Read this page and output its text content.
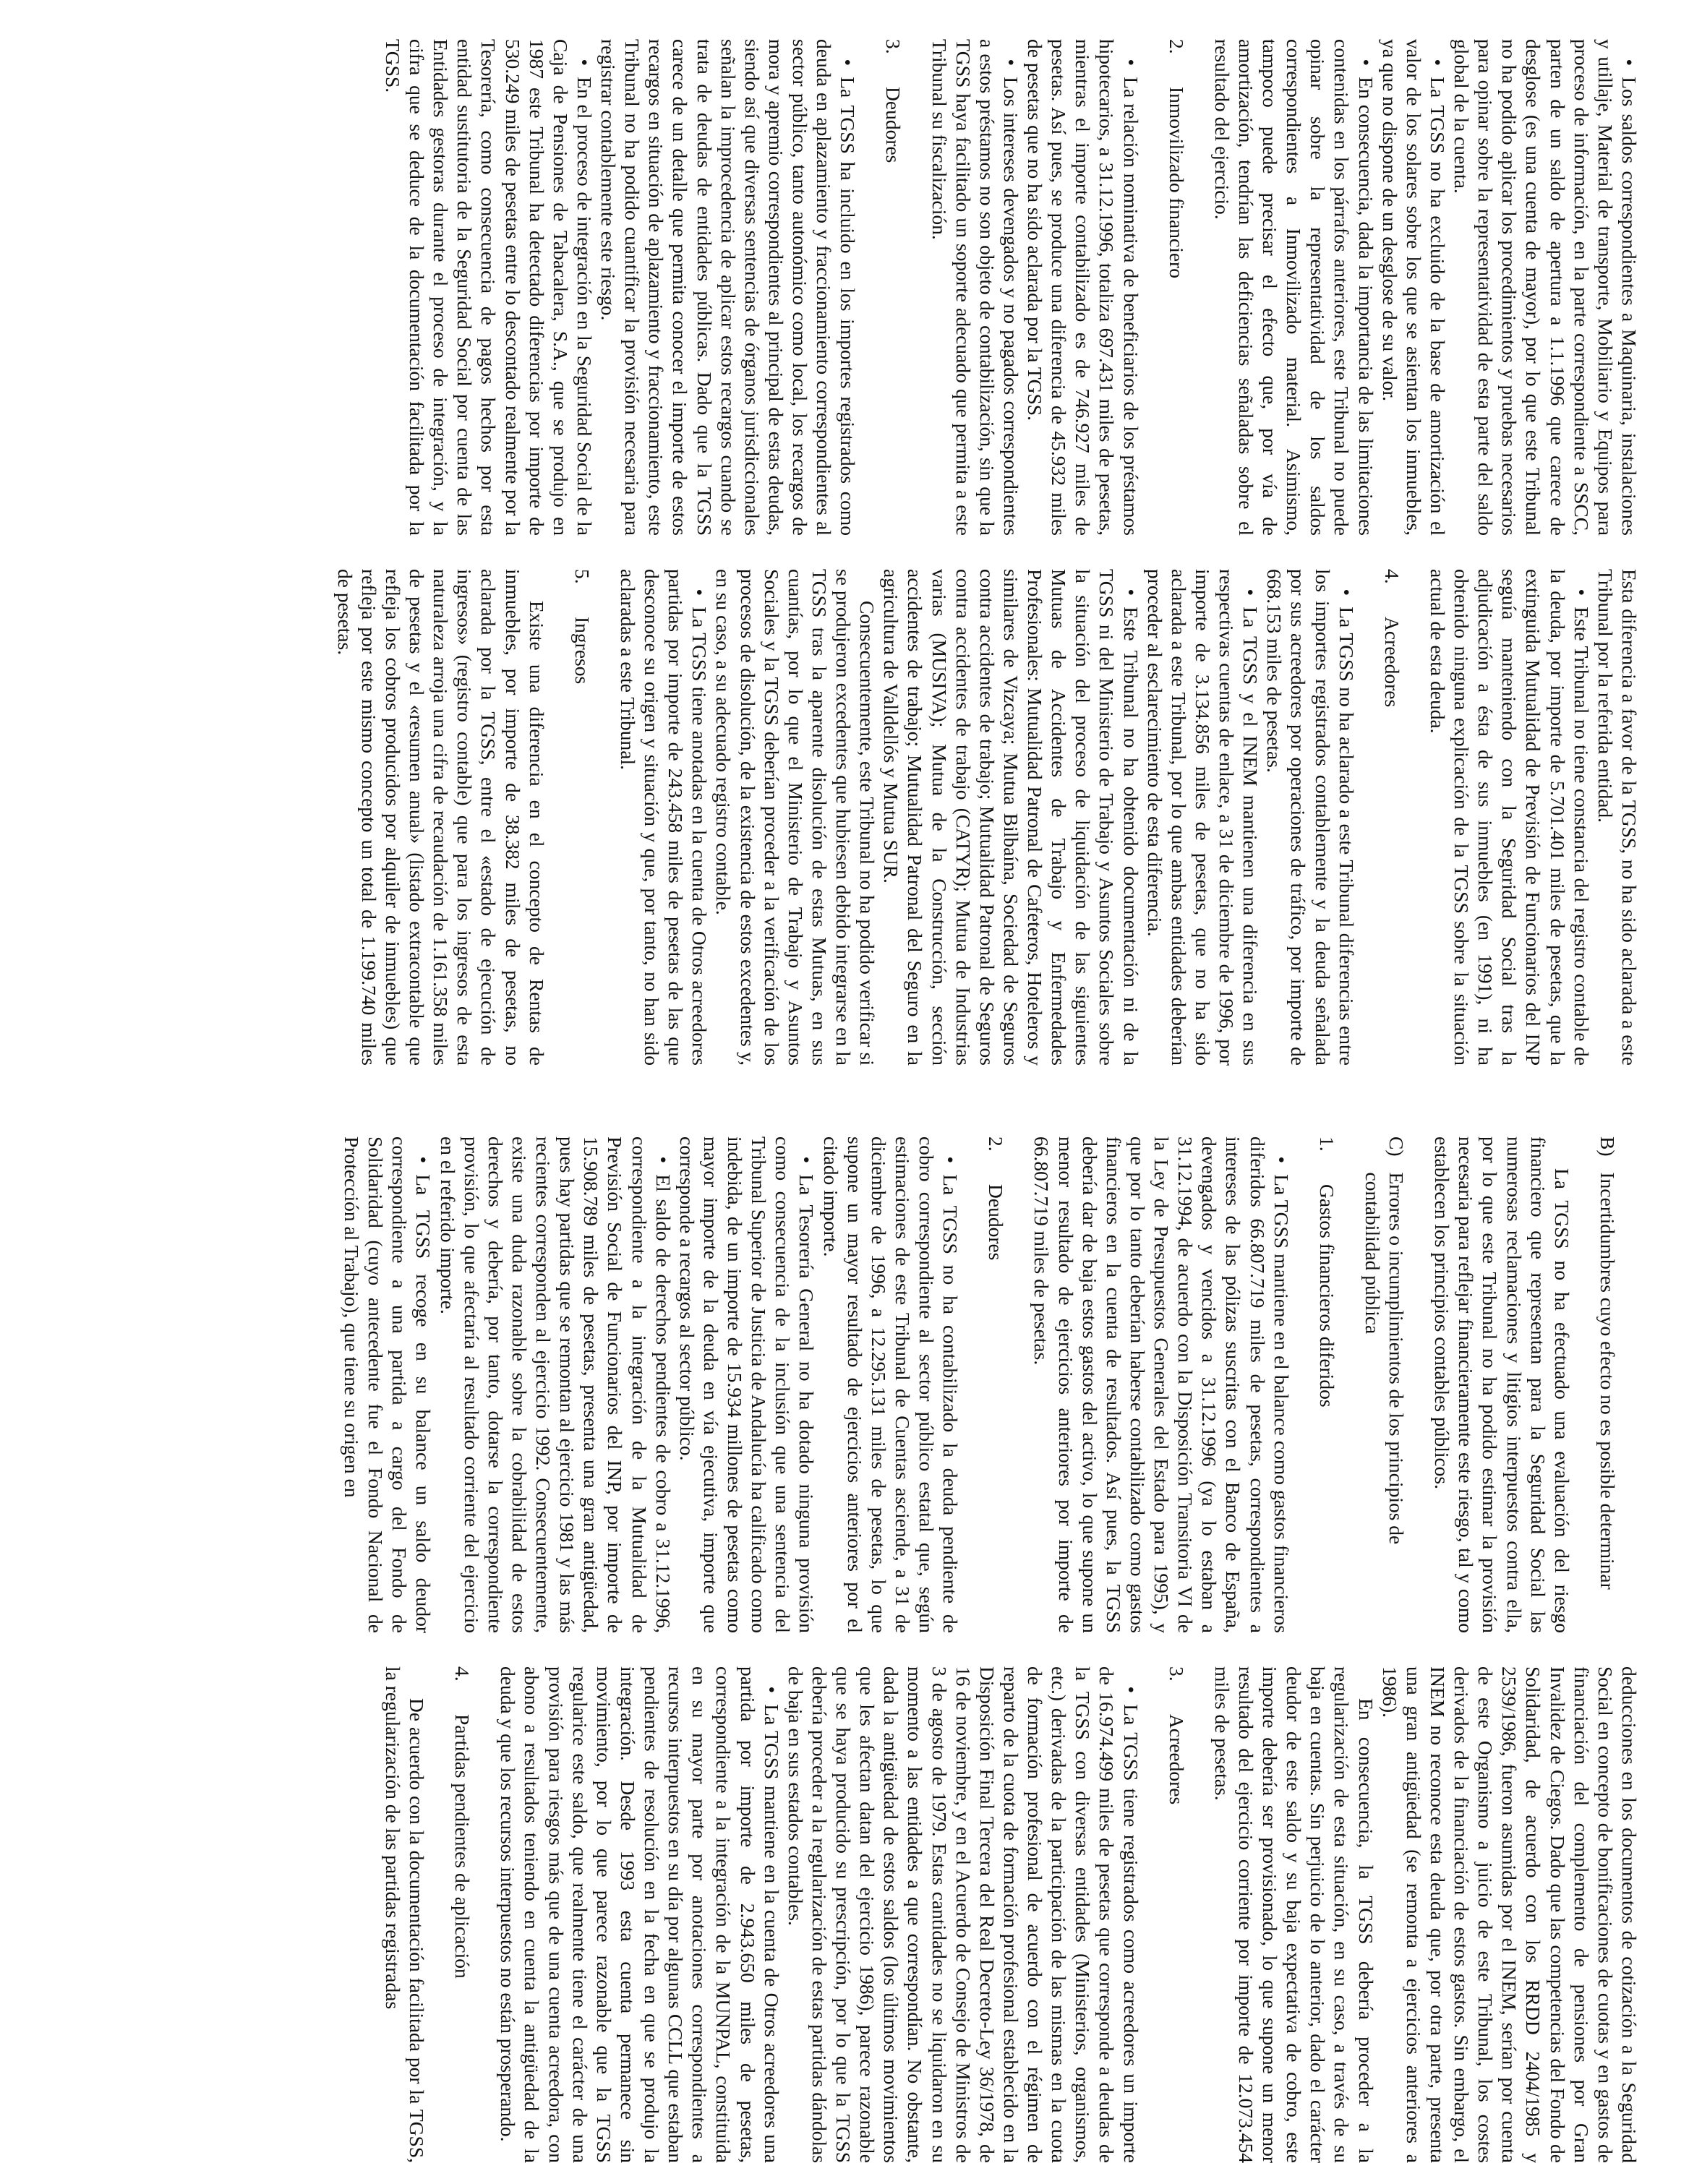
•Los saldos correspondientes a Maquinaria, instalaciones y utillaje, Material de transporte, Mobiliario y Equipos para proceso de información, en la parte correspondiente a SSCC, parten de un saldo de apertura a 1.1.1996 que carece de desglose (es una cuenta de mayor), por lo que este Tribunal no ha podido aplicar los procedimientos y pruebas necesarios para opinar sobre la representatividad de esta parte del saldo global de la cuenta.

•La TGSS no ha excluido de la base de amortización el valor de los solares sobre los que se asientan los inmuebles, ya que no dispone de un desglose de su valor.

•En consecuencia, dada la importancia de las limitaciones contenidas en los párrafos anteriores, este Tribunal no puede opinar sobre la representatividad de los saldos correspondientes a Inmovilizado material. Asimismo, tampoco puede precisar el efecto que, por vía de amortización, tendrían las deficiencias señaladas sobre el resultado del ejercicio.

2.Inmovilizado financiero

•La relación nominativa de beneficiarios de los préstamos hipotecarios, a 31.12.1996, totaliza 697.431 miles de pesetas, mientras el importe contabilizado es de 746.927 miles de pesetas. Así pues, se produce una diferencia de 45.932 miles de pesetas que no ha sido aclarada por la TGSS.

•Los intereses devengados y no pagados correspondientes a estos préstamos no son objeto de contabilización, sin que la TGSS haya facilitado un soporte adecuado que permita a este Tribunal su fiscalización.

3.Deudores

•La TGSS ha incluido en los importes registrados como deuda en aplazamiento y fraccionamiento correspondientes al sector público, tanto autonómico como local, los recargos de mora y apremio correspondientes al principal de estas deudas, siendo así que diversas sentencias de órganos jurisdiccionales señalan la improcedencia de aplicar estos recargos cuando se trata de deudas de entidades públicas. Dado que la TGSS carece de un detalle que permita conocer el importe de estos recargos en situación de aplazamiento y fraccionamiento, este Tribunal no ha podido cuantificar la provisión necesaria para registrar contablemente este riesgo.

•En el proceso de integración en la Seguridad Social de la Caja de Pensiones de Tabacalera, S.A., que se produjo en 1987 este Tribunal ha detectado diferencias por importe de 530.249 miles de pesetas entre lo descontado realmente por la Tesorería, como consecuencia de pagos hechos por esta entidad sustitutoria de la Seguridad Social por cuenta de las Entidades gestoras durante el proceso de integración, y la cifra que se deduce de la documentación facilitada por la TGSS.

Esta diferencia a favor de la TGSS, no ha sido aclarada a este Tribunal por la referida entidad.

•Este Tribunal no tiene constancia del registro contable de la deuda, por importe de 5.701.401 miles de pesetas, que la extinguida Mutualidad de Previsión de Funcionarios del INP seguía manteniendo con la Seguridad Social tras la adjudicación a ésta de sus inmuebles (en 1991), ni ha obtenido ninguna explicación de la TGSS sobre la situación actual de esta deuda.

4.Acreedores

•La TGSS no ha aclarado a este Tribunal diferencias entre los importes registrados contablemente y la deuda señalada por sus acreedores por operaciones de tráfico, por importe de 668.153 miles de pesetas.

•La TGSS y el INEM mantienen una diferencia en sus respectivas cuentas de enlace, a 31 de diciembre de 1996, por importe de 3.134.856 miles de pesetas, que no ha sido aclarada a este Tribunal, por lo que ambas entidades deberían proceder al esclarecimiento de esta diferencia.

•Este Tribunal no ha obtenido documentación ni de la TGSS ni del Ministerio de Trabajo y Asuntos Sociales sobre la situación del proceso de liquidación de las siguientes Mutuas de Accidentes de Trabajo y Enfermedades Profesionales: Mutualidad Patronal de Cafeteros, Hoteleros y similares de Vizcaya; Mutua Bilbaína, Sociedad de Seguros contra accidentes de trabajo; Mutualidad Patronal de Seguros contra accidentes de trabajo (CATYR); Mutua de Industrias varias (MUSIVA); Mutua de la Construcción, sección accidentes de trabajo; Mutualidad Patronal del Seguro en la agricultura de Valldellós y Mutua SUR.

Consecuentemente, este Tribunal no ha podido verificar si se produjeron excedentes que hubiesen debido integrarse en la TGSS tras la aparente disolución de estas Mutuas, en sus cuantías, por lo que el Ministerio de Trabajo y Asuntos Sociales y la TGSS deberían proceder a la verificación de los procesos de disolución, de la existencia de estos excedentes y, en su caso, a su adecuado registro contable.

•La TGSS tiene anotadas en la cuenta de Otros acreedores partidas por importe de 243.458 miles de pesetas de las que desconoce su origen y situación y que, por tanto, no han sido aclaradas a este Tribunal.

5.Ingresos

Existe una diferencia en el concepto de Rentas de inmuebles, por importe de 38.382 miles de pesetas, no aclarada por la TGSS, entre el «estado de ejecución de ingresos» (registro contable) que para los ingresos de esta naturaleza arroja una cifra de recaudación de 1.161.358 miles de pesetas y el «resumen anual» (listado extracontable que refleja los cobros producidos por alquiler de inmuebles) que refleja por este mismo concepto un total de 1.199.740 miles de pesetas.

B)
Incertidumbres cuyo efecto no es posible determinar

La TGSS no ha efectuado una evaluación del riesgo financiero que representan para la Seguridad Social las numerosas reclamaciones y litigios interpuestos contra ella, por lo que este Tribunal no ha podido estimar la provisión necesaria para reflejar financieramente este riesgo, tal y como establecen los principios contables públicos.

C)
Errores o incumplimientos de los principios de contabilidad pública
1.Gastos financieros diferidos

•La TGSS mantiene en el balance como gastos financieros diferidos 66.807.719 miles de pesetas, correspondientes a intereses de las pólizas suscritas con el Banco de España, devengados y vencidos a 31.12.1996 (ya lo estaban a 31.12.1994, de acuerdo con la Disposición Transitoria VI de la Ley de Presupuestos Generales del Estado para 1995), y que por lo tanto deberían haberse contabilizado como gastos financieros en la cuenta de resultados. Así pues, la TGSS debería dar de baja estos gastos del activo, lo que supone un menor resultado de ejercicios anteriores por importe de 66.807.719 miles de pesetas.

2.Deudores

•La TGSS no ha contabilizado la deuda pendiente de cobro correspondiente al sector público estatal que, según estimaciones de este Tribunal de Cuentas asciende, a 31 de diciembre de 1996, a 12.295.131 miles de pesetas, lo que supone un mayor resultado de ejercicios anteriores por el citado importe.

•La Tesorería General no ha dotado ninguna provisión como consecuencia de la inclusión que una sentencia del Tribunal Superior de Justicia de Andalucía ha calificado como indebida, de un importe de 15.934 millones de pesetas como mayor importe de la deuda en vía ejecutiva, importe que corresponde a recargos al sector público.

•El saldo de derechos pendientes de cobro a 31.12.1996, correspondiente a la integración de la Mutualidad de Previsión Social de Funcionarios del INP, por importe de 15.908.789 miles de pesetas, presenta una gran antigüedad, pues hay partidas que se remontan al ejercicio 1981 y las más recientes corresponden al ejercicio 1992. Consecuentemente, existe una duda razonable sobre la cobrabilidad de estos derechos y debería, por tanto, dotarse la correspondiente provisión, lo que afectaría al resultado corriente del ejercicio en el referido importe.

•La TGSS recoge en su balance un saldo deudor correspondiente a una partida a cargo del Fondo de Solidaridad (cuyo antecedente fue el Fondo Nacional de Protección al Trabajo), que tiene su origen en

deducciones en los documentos de cotización a la Seguridad Social en concepto de bonificaciones de cuotas y en gastos de financiación del complemento de pensiones por Gran Invalidez de Ciegos. Dado que las competencias del Fondo de Solidaridad, de acuerdo con los RRDD 2404/1985 y 2539/1986, fueron asumidas por el INEM, serían por cuenta de este Organismo a juicio de este Tribunal, los costes derivados de la financiación de estos gastos. Sin embargo, el INEM no reconoce esta deuda que, por otra parte, presenta una gran antigüedad (se remonta a ejercicios anteriores a 1986).

En consecuencia, la TGSS debería proceder a la regularización de esta situación, en su caso, a través de su baja en cuentas. Sin perjuicio de lo anterior, dado el carácter deudor de este saldo y su baja expectativa de cobro, este importe debería ser provisionado, lo que supone un menor resultado del ejercicio corriente por importe de 12.073.454 miles de pesetas.

3.Acreedores

•La TGSS tiene registrados como acreedores un importe de 16.974.499 miles de pesetas que corresponde a deudas de la TGSS con diversas entidades (Ministerios, organismos, etc.) derivadas de la participación de las mismas en la cuota de formación profesional de acuerdo con el régimen de reparto de la cuota de formación profesional establecido en la Disposición Final Tercera del Real Decreto-Ley 36/1978, de 16 de noviembre, y en el Acuerdo de Consejo de Ministros de 3 de agosto de 1979. Estas cantidades no se liquidaron en su momento a las entidades a que correspondían. No obstante, dada la antigüedad de estos saldos (los últimos movimientos que les afectan datan del ejercicio 1986), parece razonable que se haya producido su prescripción, por lo que la TGSS debería proceder a la regularización de estas partidas dándolas de baja en sus estados contables.

•La TGSS mantiene en la cuenta de Otros acreedores una partida por importe de 2.943.650 miles de pesetas, correspondiente a la integración de la MUNPAL, constituida en su mayor parte por anotaciones correspondientes a recursos interpuestos en su día por algunas CCLL que estaban pendientes de resolución en la fecha en que se produjo la integración. Desde 1993 esta cuenta permanece sin movimiento, por lo que parece razonable que la TGSS regularice este saldo, que realmente tiene el carácter de una provisión para riesgos más que de una cuenta acreedora, con abono a resultados teniendo en cuenta la antigüedad de la deuda y que los recursos interpuestos no están prosperando.

4.Partidas pendientes de aplicación

De acuerdo con la documentación facilitada por la TGSS, la regularización de las partidas registradas
